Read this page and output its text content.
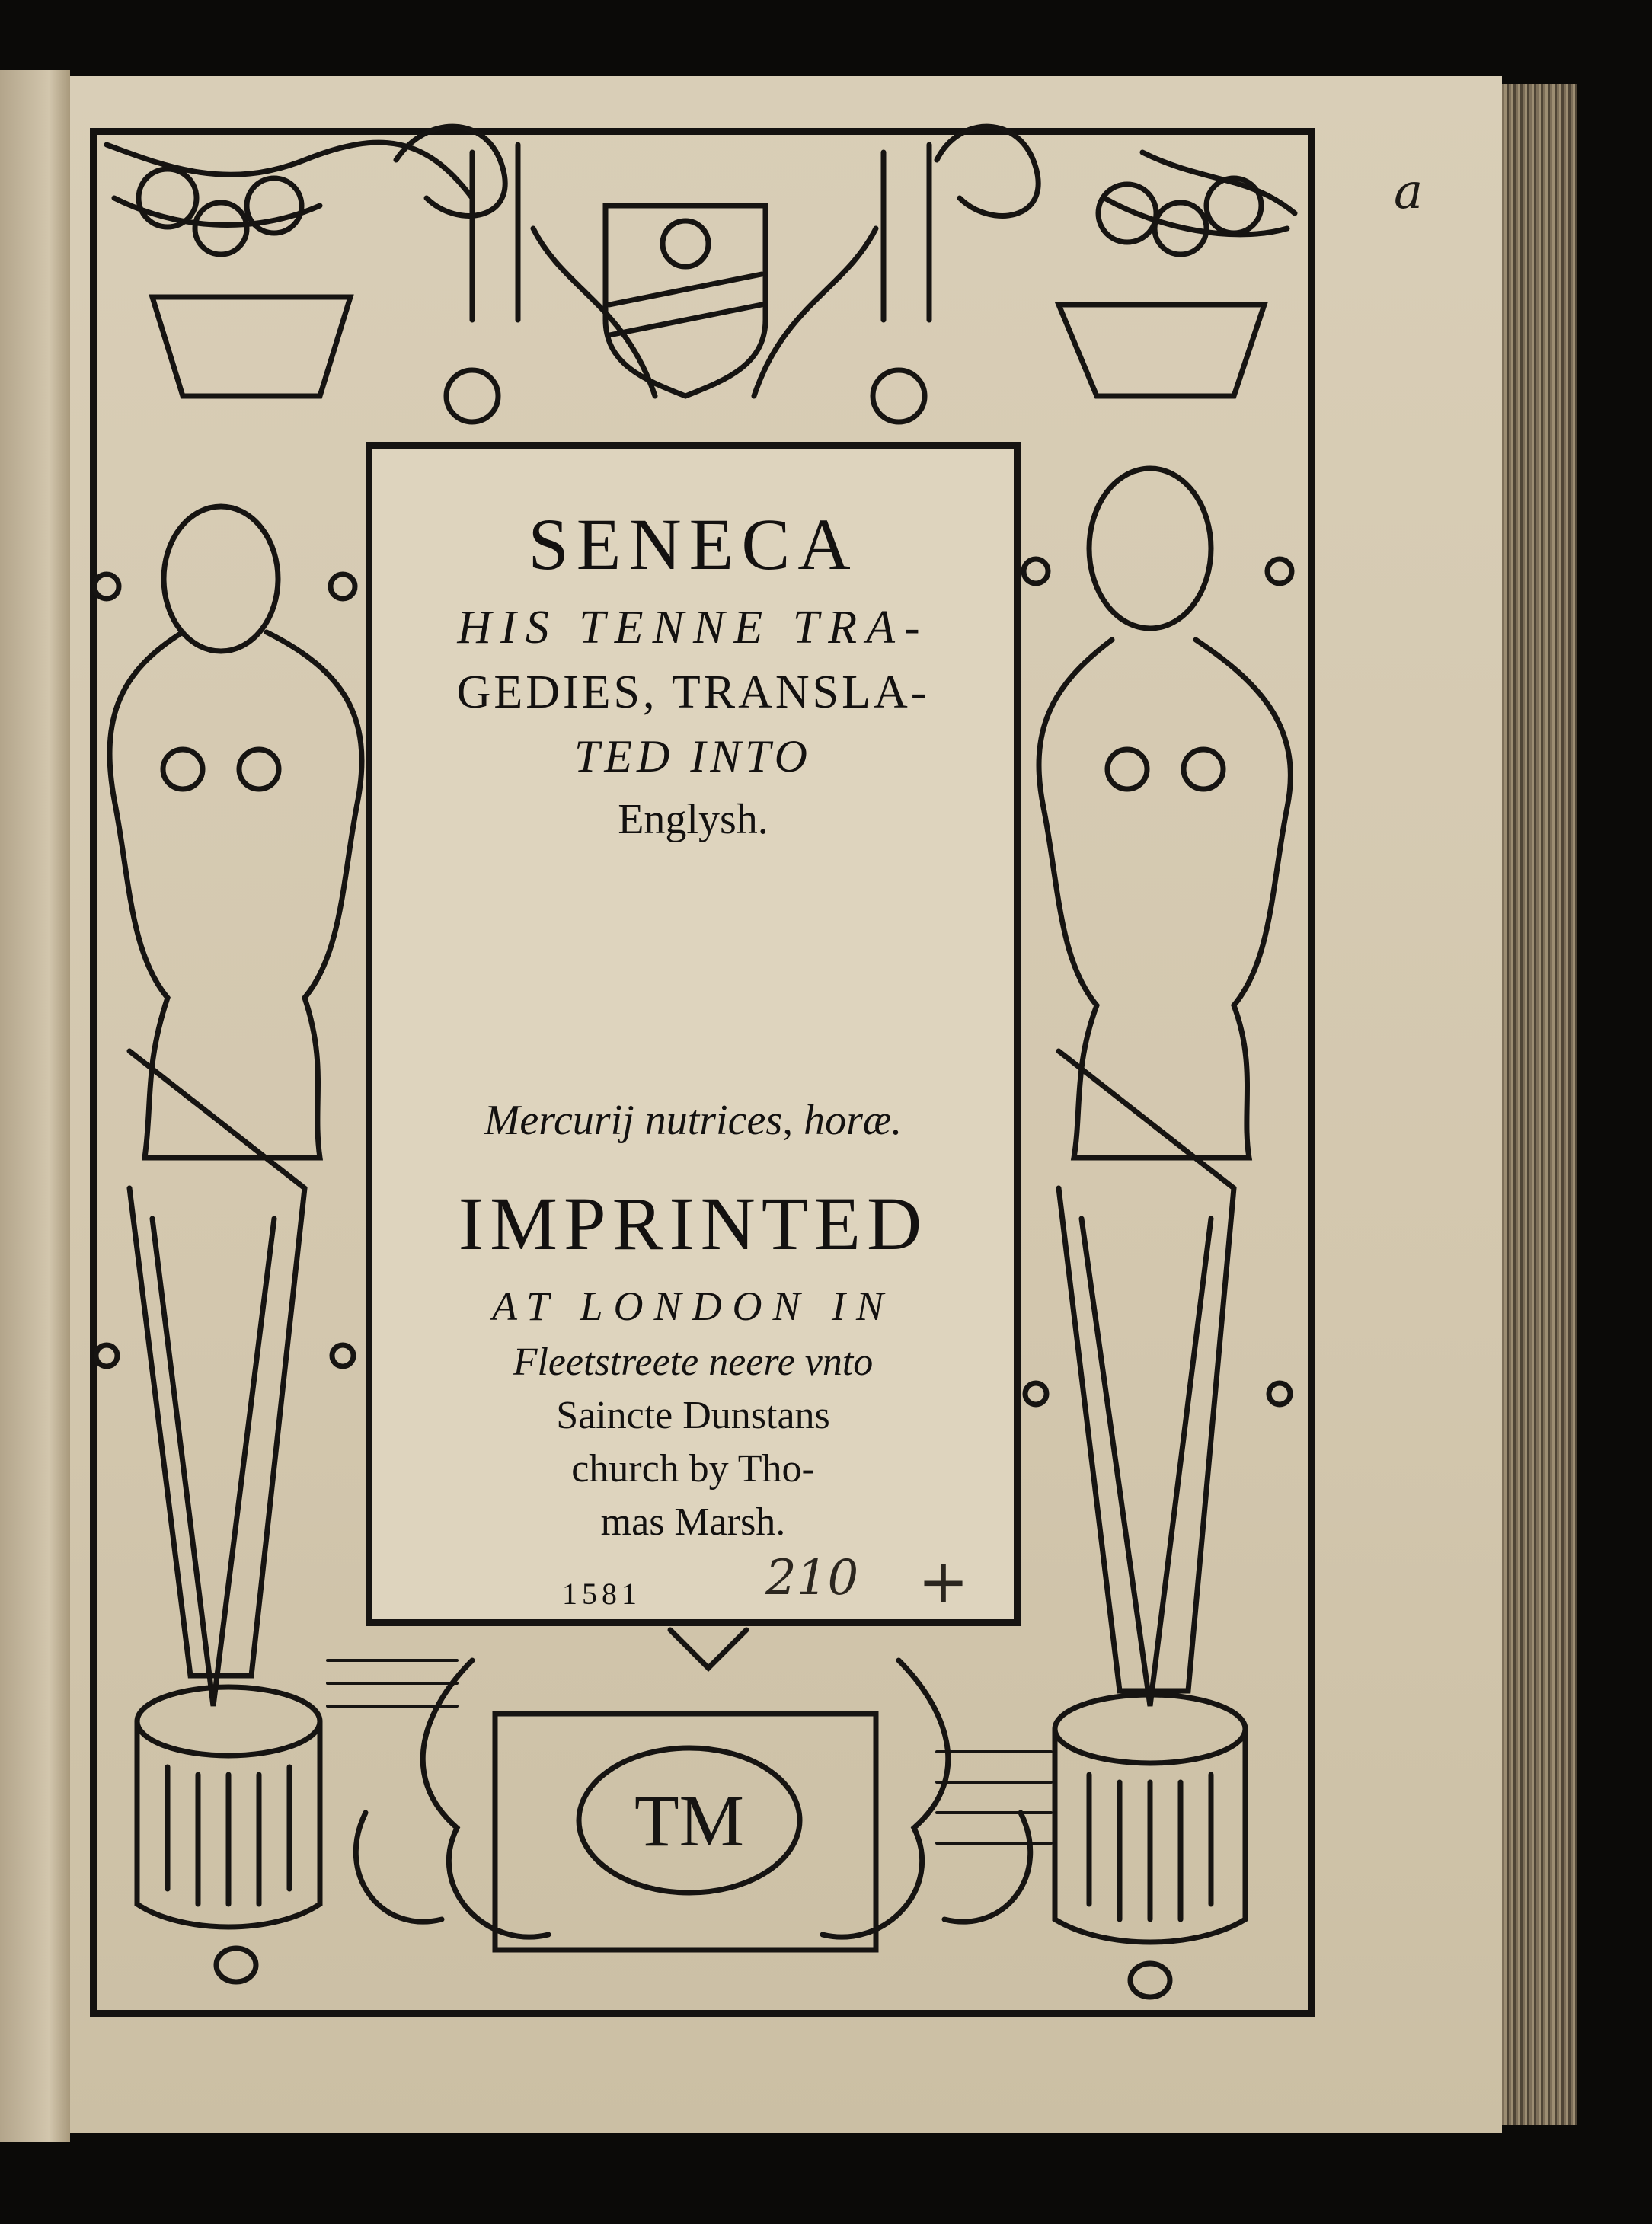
a
SENECA
HIS TENNE TRA-
GEDIES, TRANSLA-
TED INTO
Englysh.
Mercurij nutrices, horæ.
IMPRINTED
AT LONDON IN
Fleetstreete neere vnto
Saincte Dunstans
church by Tho-
mas Marsh.
1581	210 +
TM
